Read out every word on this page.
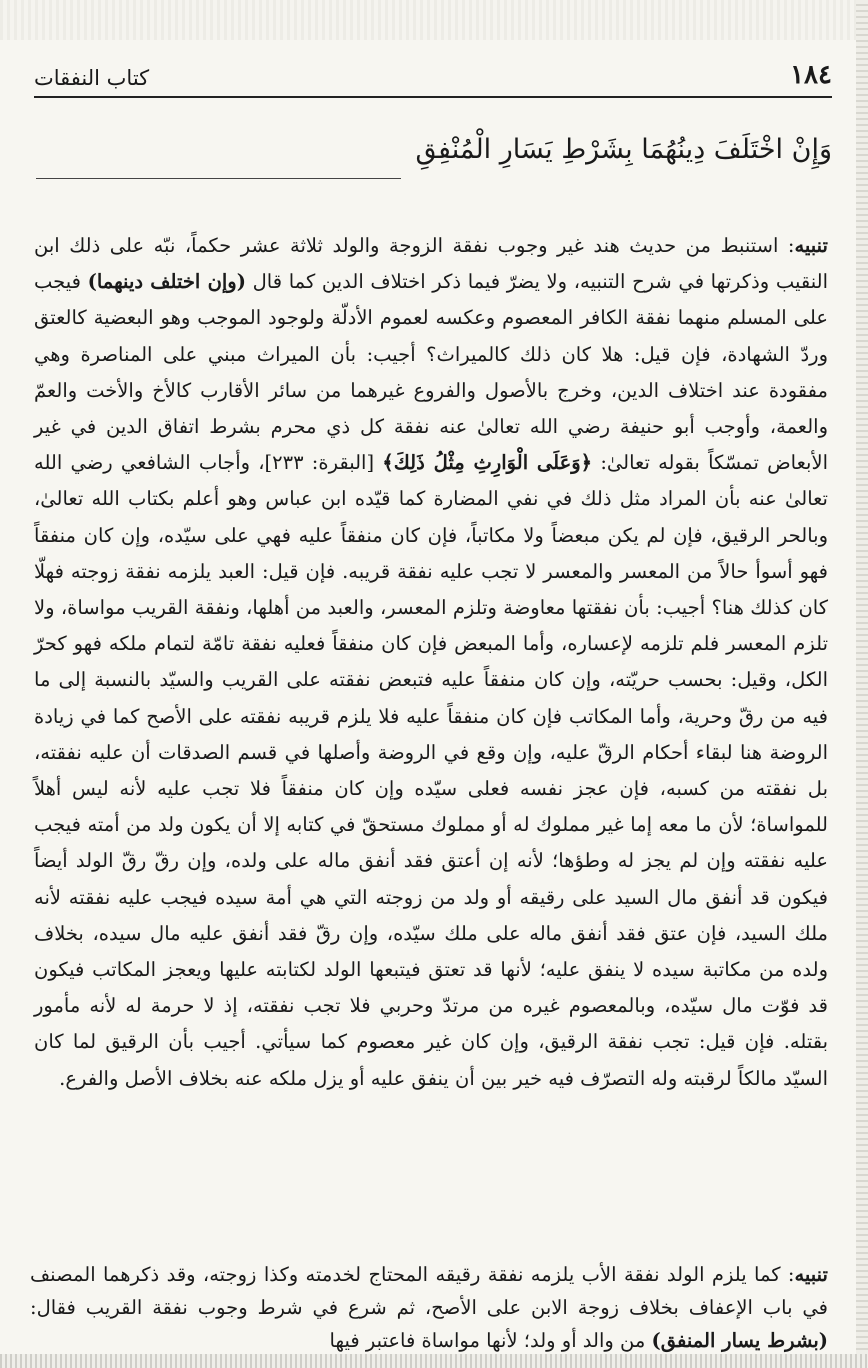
١٨٤
كتاب النفقات
وَإِنْ اخْتَلَفَ دِينُهُمَا بِشَرْطِ يَسَارِ الْمُنْفِقِ

تنبيه: استنبط من حديث هند غير وجوب نفقة الزوجة والولد ثلاثة عشر حكماً، نبّه على ذلك ابن النقيب وذكرتها في شرح التنبيه، ولا يضرّ فيما ذكر اختلاف الدين كما قال (وإن اختلف دينهما) فيجب على المسلم منهما نفقة الكافر المعصوم وعكسه لعموم الأدلّة ولوجود الموجب وهو البعضية كالعتق وردّ الشهادة، فإن قيل: هلا كان ذلك كالميراث؟ أجيب: بأن الميراث مبني على المناصرة وهي مفقودة عند اختلاف الدين، وخرج بالأصول والفروع غيرهما من سائر الأقارب كالأخ والأخت والعمّ والعمة، وأوجب أبو حنيفة رضي الله تعالىٰ عنه نفقة كل ذي محرم بشرط اتفاق الدين في غير الأبعاض تمسّكاً بقوله تعالىٰ: ﴿وَعَلَى الْوَارِثِ مِثْلُ ذَلِكَ﴾ [البقرة: ٢٣٣]، وأجاب الشافعي رضي الله تعالىٰ عنه بأن المراد مثل ذلك في نفي المضارة كما قيّده ابن عباس وهو أعلم بكتاب الله تعالىٰ، وبالحر الرقيق، فإن لم يكن مبعضاً ولا مكاتباً، فإن كان منفقاً عليه فهي على سيّده، وإن كان منفقاً فهو أسوأ حالاً من المعسر والمعسر لا تجب عليه نفقة قريبه. فإن قيل: العبد يلزمه نفقة زوجته فهلّا كان كذلك هنا؟ أجيب: بأن نفقتها معاوضة وتلزم المعسر، والعبد من أهلها، ونفقة القريب مواساة، ولا تلزم المعسر فلم تلزمه لإعساره، وأما المبعض فإن كان منفقاً فعليه نفقة تامّة لتمام ملكه فهو كحرّ الكل، وقيل: بحسب حريّته، وإن كان منفقاً عليه فتبعض نفقته على القريب والسيّد بالنسبة إلى ما فيه من رقّ وحرية، وأما المكاتب فإن كان منفقاً عليه فلا يلزم قريبه نفقته على الأصح كما في زيادة الروضة هنا لبقاء أحكام الرقّ عليه، وإن وقع في الروضة وأصلها في قسم الصدقات أن عليه نفقته، بل نفقته من كسبه، فإن عجز نفسه فعلى سيّده وإن كان منفقاً فلا تجب عليه لأنه ليس أهلاً للمواساة؛ لأن ما معه إما غير مملوك له أو مملوك مستحقّ في كتابه إلا أن يكون ولد من أمته فيجب عليه نفقته وإن لم يجز له وطؤها؛ لأنه إن أعتق فقد أنفق ماله على ولده، وإن رقّ رقّ الولد أيضاً فيكون قد أنفق مال السيد على رقيقه أو ولد من زوجته التي هي أمة سيده فيجب عليه نفقته لأنه ملك السيد، فإن عتق فقد أنفق ماله على ملك سيّده، وإن رقّ فقد أنفق عليه مال سيده، بخلاف ولده من مكاتبة سيده لا ينفق عليه؛ لأنها قد تعتق فيتبعها الولد لكتابته عليها ويعجز المكاتب فيكون قد فوّت مال سيّده، وبالمعصوم غيره من مرتدّ وحربي فلا تجب نفقته، إذ لا حرمة له لأنه مأمور بقتله. فإن قيل: تجب نفقة الرقيق، وإن كان غير معصوم كما سيأتي. أجيب بأن الرقيق لما كان السيّد مالكاً لرقبته وله التصرّف فيه خير بين أن ينفق عليه أو يزل ملكه عنه بخلاف الأصل والفرع.

تنبيه: كما يلزم الولد نفقة الأب يلزمه نفقة رقيقه المحتاج لخدمته وكذا زوجته، وقد ذكرهما المصنف في باب الإعفاف بخلاف زوجة الابن على الأصح، ثم شرع في شرط وجوب نفقة القريب فقال: (بشرط يسار المنفق) من والد أو ولد؛ لأنها مواساة فاعتبر فيها
